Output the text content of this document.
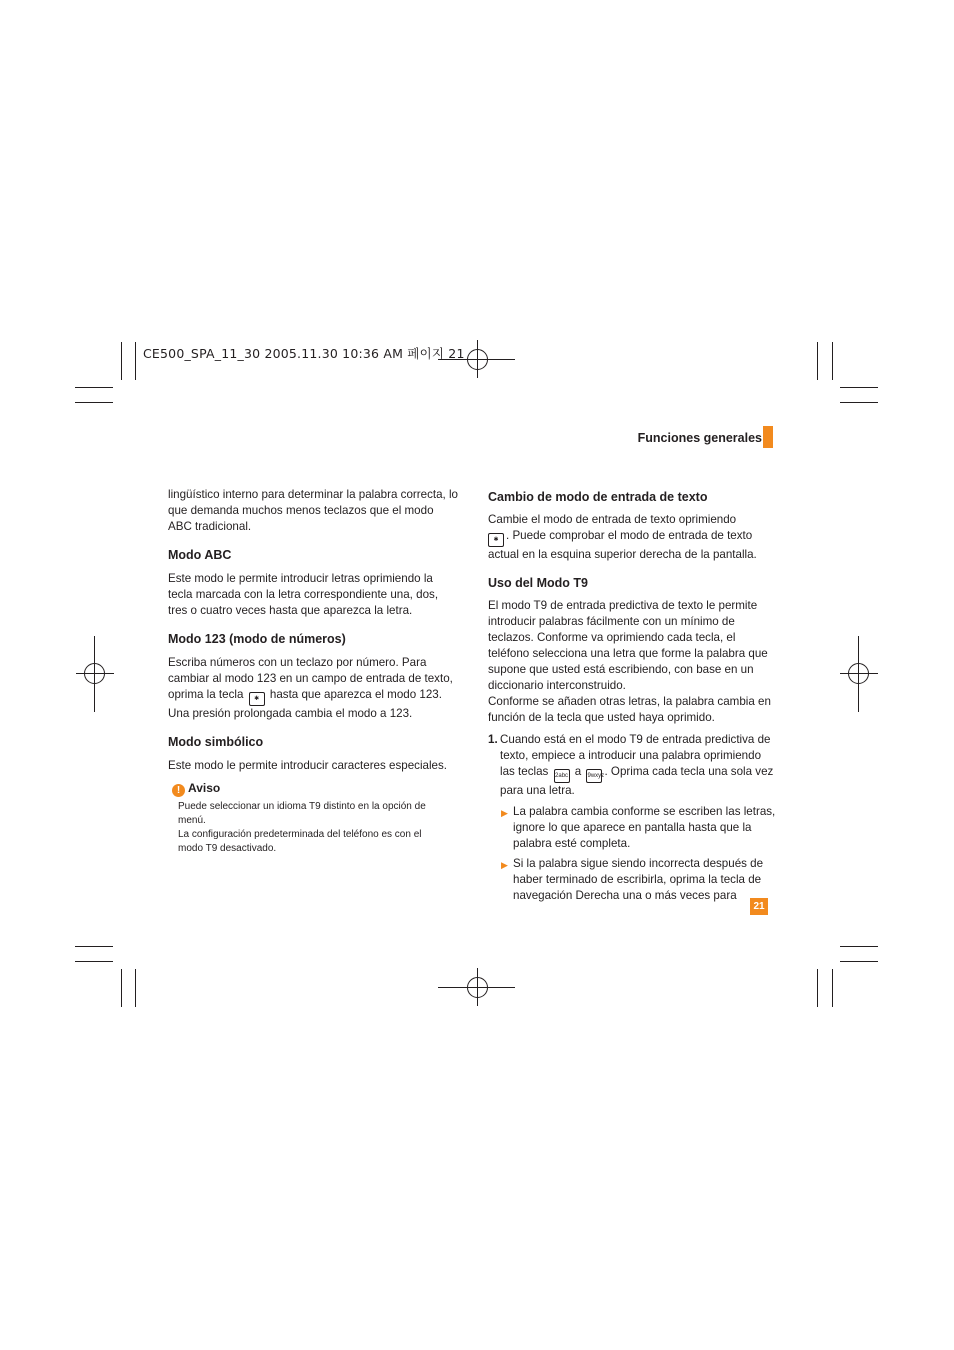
CE500_SPA_11_30 2005.11.30 10:36 AM 페이지 21
Funciones generales

lingüístico interno para determinar la palabra correcta, lo que demanda muchos menos teclazos que el modo ABC tradicional.

Modo ABC

Este modo le permite introducir letras oprimiendo la tecla marcada con la letra correspondiente una, dos, tres o cuatro veces hasta que aparezca la letra.

Modo 123 (modo de números)

Escriba números con un teclazo por número. Para cambiar al modo 123 en un campo de entrada de texto, oprima la tecla ✱ hasta que aparezca el modo 123. Una presión prolongada cambia el modo a 123.

Modo simbólico

Este modo le permite introducir caracteres especiales.

! Aviso
Puede seleccionar un idioma T9 distinto en la opción de menú.
La configuración predeterminada del teléfono es con el modo T9 desactivado.

Cambio de modo de entrada de texto

Cambie el modo de entrada de texto oprimiendo
✱ . Puede comprobar el modo de entrada de texto actual en la esquina superior derecha de la pantalla.

Uso del Modo T9

El modo T9 de entrada predictiva de texto le permite introducir palabras fácilmente con un mínimo de teclazos. Conforme va oprimiendo cada tecla, el teléfono selecciona una letra que forme la palabra que supone que usted está escribiendo, con base en un diccionario interconstruido.

Conforme se añaden otras letras, la palabra cambia en función de la tecla que usted haya oprimido.

1. Cuando está en el modo T9 de entrada predictiva de texto, empiece a introducir una palabra oprimiendo las teclas 2abc a 9wxyz. Oprima cada tecla una sola vez para una letra.
▶ La palabra cambia conforme se escriben las letras, ignore lo que aparece en pantalla hasta que la palabra esté completa.
▶ Si la palabra sigue siendo incorrecta después de haber terminado de escribirla, oprima la tecla de navegación Derecha una o más veces para
21
